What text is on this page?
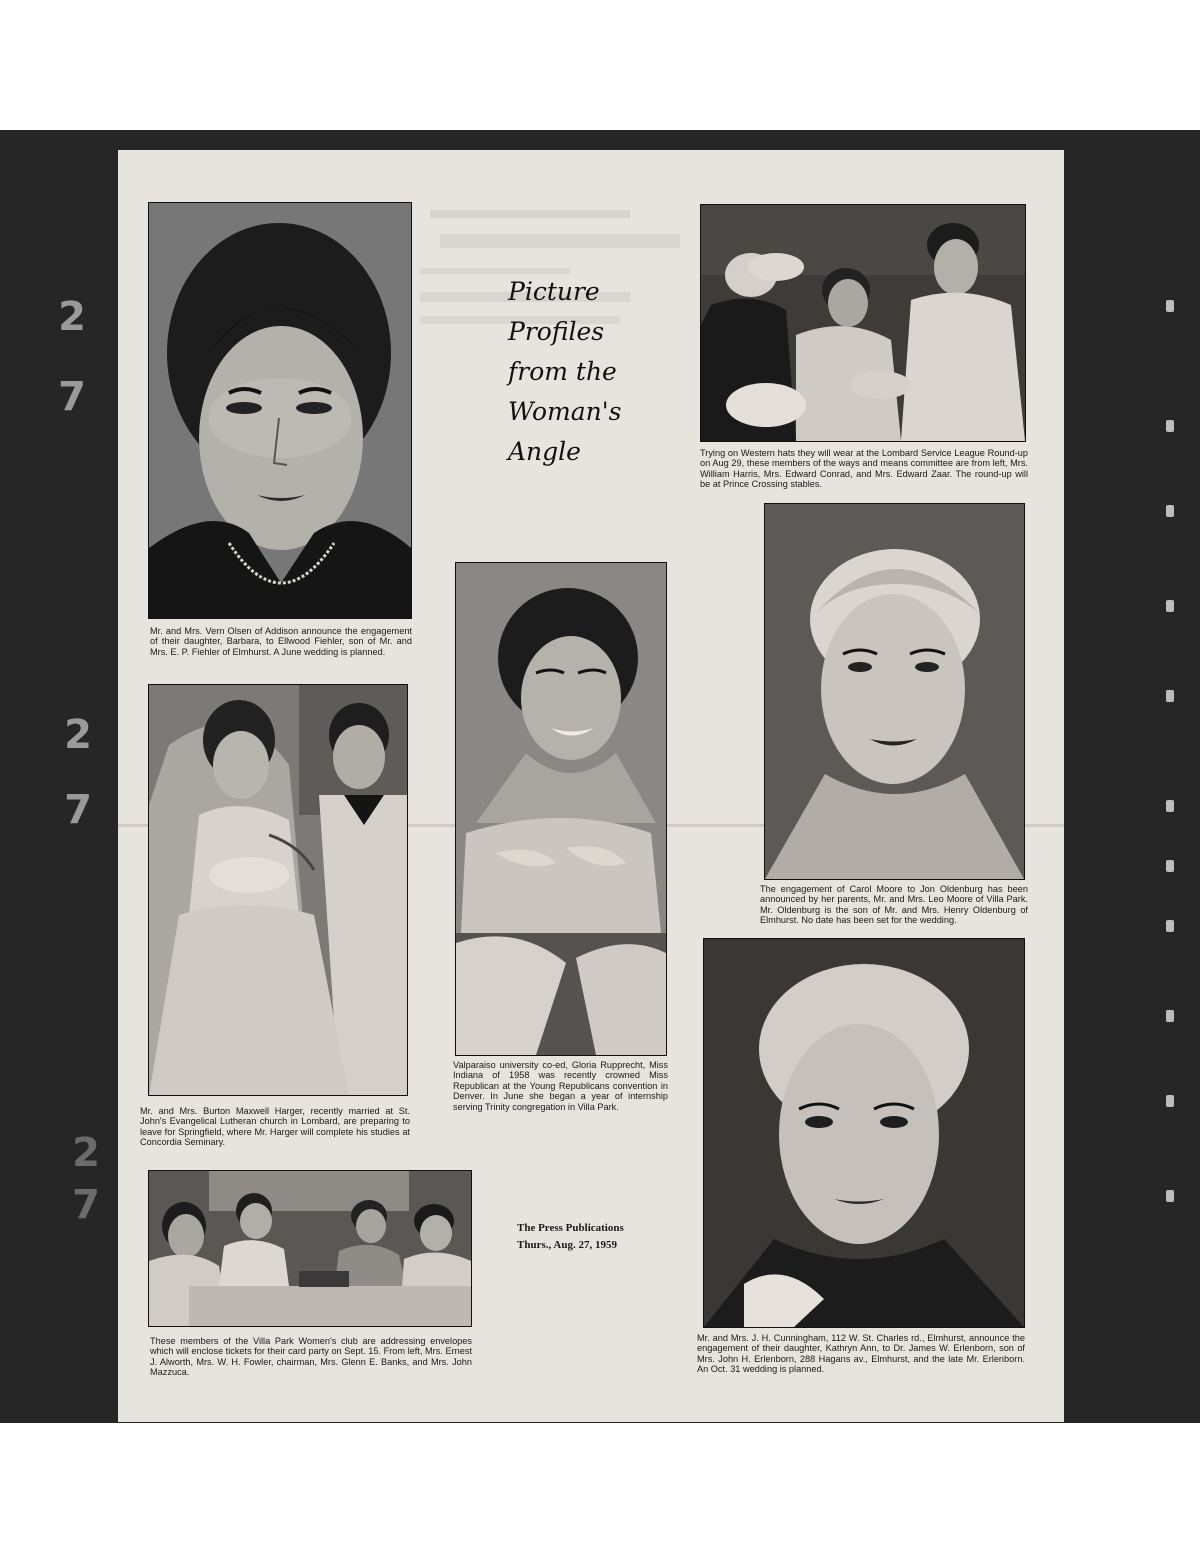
2
7
2
7
2
7

Mr. and Mrs. Vern Olsen of Addison announce the engagement of their daughter, Barbara, to Ellwood Fiehler, son of Mr. and Mrs. E. P. Fiehler of Elmhurst. A June wedding is planned.

Mr. and Mrs. Burton Maxwell Harger, recently married at St. John's Evangelical Lutheran church in Lombard, are preparing to leave for Springfield, where Mr. Harger will complete his studies at Concordia Seminary.

These members of the Villa Park Women's club are addressing envelopes which will enclose tickets for their card party on Sept. 15. From left, Mrs. Ernest J. Alworth, Mrs. W. H. Fowler, chairman, Mrs. Glenn E. Banks, and Mrs. John Mazzuca.

Picture
Profiles
from the
Woman's
Angle

Valparaiso university co-ed, Gloria Rupprecht, Miss Indiana of 1958 was recently crowned Miss Republican at the Young Republicans convention in Denver. In June she began a year of internship serving Trinity congregation in Villa Park.

The Press Publications
Thurs., Aug. 27, 1959

Trying on Western hats they will wear at the Lombard Service League Round-up on Aug 29, these members of the ways and means committee are from left, Mrs. William Harris, Mrs. Edward Conrad, and Mrs. Edward Zaar. The round-up will be at Prince Crossing stables.

The engagement of Carol Moore to Jon Oldenburg has been announced by her parents, Mr. and Mrs. Leo Moore of Villa Park. Mr. Oldenburg is the son of Mr. and Mrs. Henry Oldenburg of Elmhurst. No date has been set for the wedding.

Mr. and Mrs. J. H. Cunningham, 112 W. St. Charles rd., Elmhurst, announce the engagement of their daughter, Kathryn Ann, to Dr. James W. Erlenborn, son of Mrs. John H. Erlenborn, 288 Hagans av., Elmhurst, and the late Mr. Erlenborn. An Oct. 31 wedding is planned.
